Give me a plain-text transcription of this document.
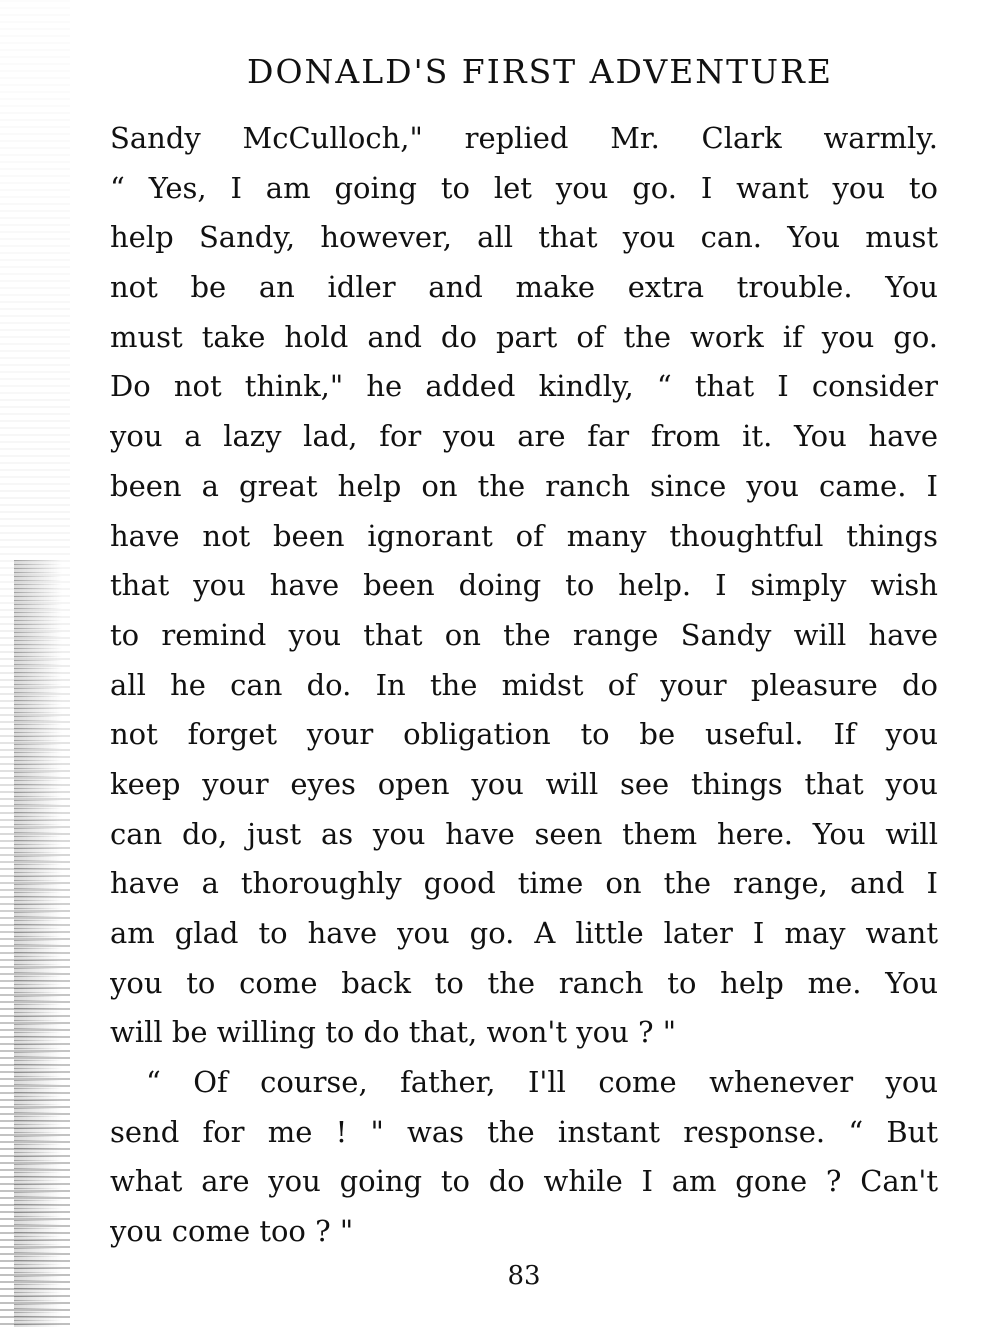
DONALD'S FIRST ADVENTURE
Sandy McCulloch," replied Mr. Clark warmly.
“ Yes, I am going to let you go. I want you to
help Sandy, however, all that you can. You must
not be an idler and make extra trouble. You
must take hold and do part of the work if you go.
Do not think," he added kindly, “ that I consider
you a lazy lad, for you are far from it. You have
been a great help on the ranch since you came. I
have not been ignorant of many thoughtful things
that you have been doing to help. I simply wish
to remind you that on the range Sandy will have
all he can do. In the midst of your pleasure do
not forget your obligation to be useful. If you
keep your eyes open you will see things that you
can do, just as you have seen them here. You will
have a thoroughly good time on the range, and I
am glad to have you go. A little later I may want
you to come back to the ranch to help me. You
will be willing to do that, won't you ? "
“ Of course, father, I'll come whenever you
send for me ! " was the instant response. “ But
what are you going to do while I am gone ? Can't
you come too ? "
83
